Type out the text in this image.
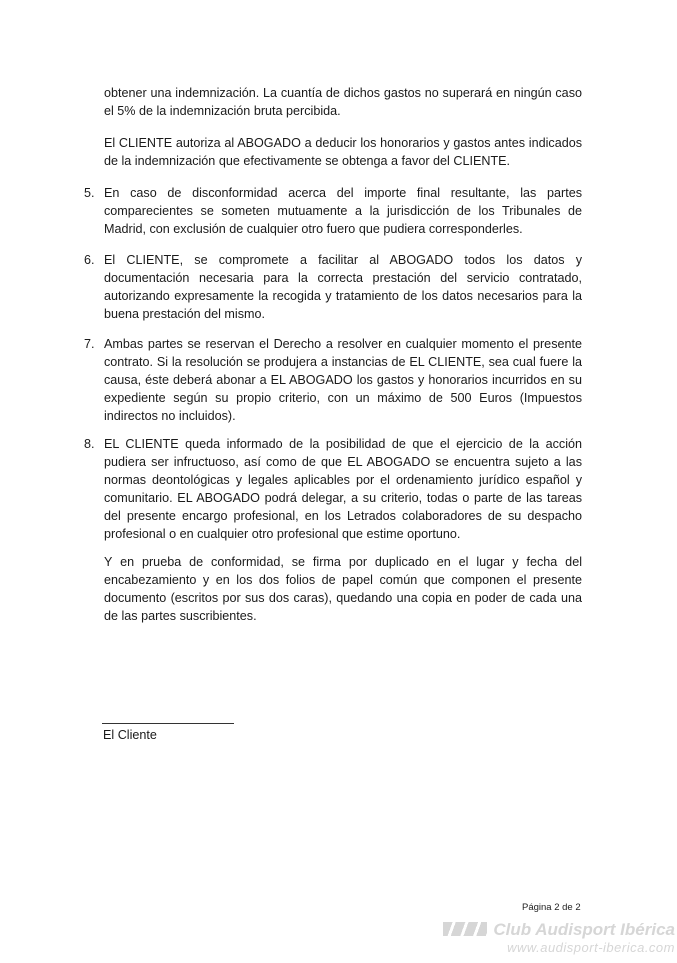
obtener una indemnización. La cuantía de dichos gastos no superará en ningún caso el 5% de la indemnización bruta percibida.

El CLIENTE autoriza al ABOGADO a deducir los honorarios y gastos antes indicados de la indemnización que efectivamente se obtenga a favor del CLIENTE.

5. En caso de disconformidad acerca del importe final resultante, las partes comparecientes se someten mutuamente a la jurisdicción de los Tribunales de Madrid, con exclusión de cualquier otro fuero que pudiera corresponderles.
6. El CLIENTE, se compromete a facilitar al ABOGADO todos los datos y documentación necesaria para la correcta prestación del servicio contratado, autorizando expresamente la recogida y tratamiento de los datos necesarios para la buena prestación del mismo.
7. Ambas partes se reservan el Derecho a resolver en cualquier momento el presente contrato. Si la resolución se produjera a instancias de EL CLIENTE, sea cual fuere la causa, éste deberá abonar a EL ABOGADO los gastos y honorarios incurridos en su expediente según su propio criterio, con un máximo de 500 Euros (Impuestos indirectos no incluidos).
8. EL CLIENTE queda informado de la posibilidad de que el ejercicio de la acción pudiera ser infructuoso, así como de que EL ABOGADO se encuentra sujeto a las normas deontológicas y legales aplicables por el ordenamiento jurídico español y comunitario. EL ABOGADO podrá delegar, a su criterio, todas o parte de las tareas del presente encargo profesional, en los Letrados colaboradores de su despacho profesional o en cualquier otro profesional que estime oportuno.

Y en prueba de conformidad, se firma por duplicado en el lugar y fecha del encabezamiento y en los dos folios de papel común que componen el presente documento (escritos por sus dos caras), quedando una copia en poder de cada una de las partes suscribientes.

El Cliente
Página 2 de 2
Club Audisport Ibérica
www.audisport-iberica.com
